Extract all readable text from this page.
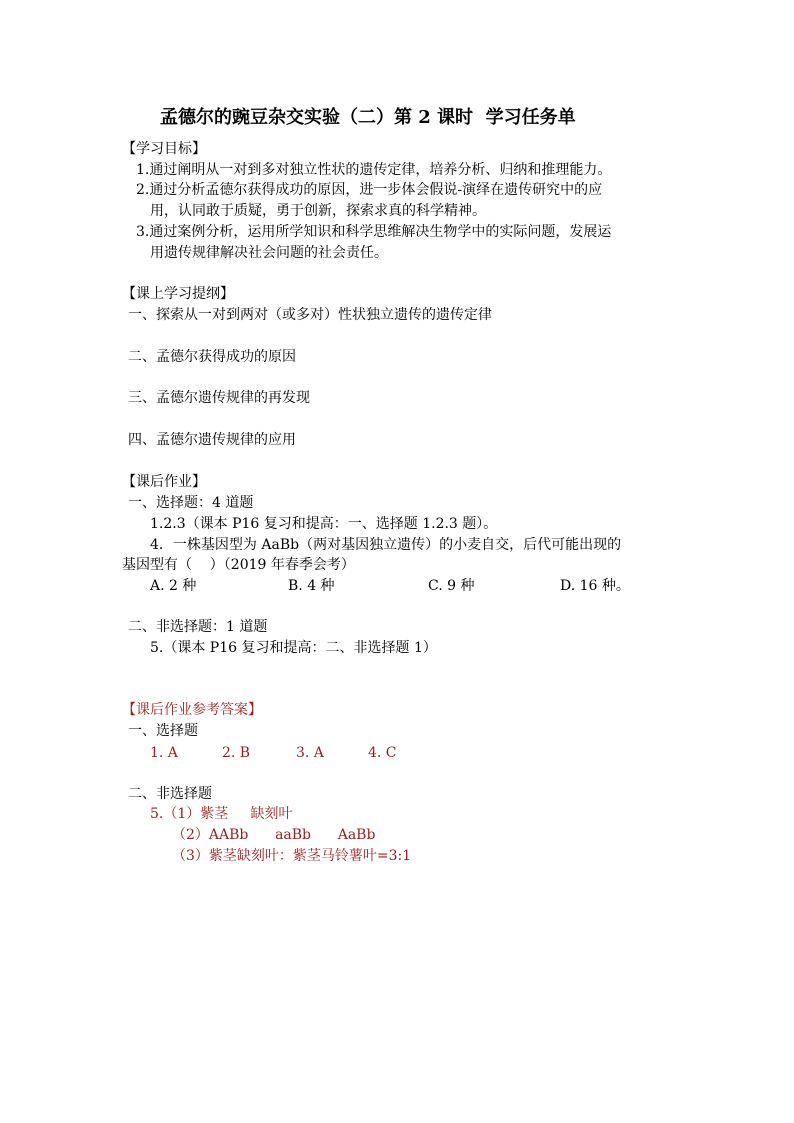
孟德尔的豌豆杂交实验（二）第 2 课时  学习任务单
【学习目标】
1.通过阐明从一对到多对独立性状的遗传定律，培养分析、归纳和推理能力。
2.通过分析孟德尔获得成功的原因，进一步体会假说-演绎在遗传研究中的应
用，认同敢于质疑，勇于创新，探索求真的科学精神。
3.通过案例分析，运用所学知识和科学思维解决生物学中的实际问题，发展运
用遗传规律解决社会问题的社会责任。
【课上学习提纲】
一、探索从一对到两对（或多对）性状独立遗传的遗传定律
二、孟德尔获得成功的原因
三、孟德尔遗传规律的再发现
四、孟德尔遗传规律的应用
【课后作业】
一、选择题：4 道题
1.2.3（课本 P16 复习和提高：一、选择题 1.2.3 题）。
4．一株基因型为 AaBb（两对基因独立遗传）的小麦自交，后代可能出现的
基因型有（    ）（2019 年春季会考）
A. 2 种	B. 4 种	C. 9 种	D. 16 种。
二、非选择题：1 道题
5.（课本 P16 复习和提高：二、非选择题 1）
【课后作业参考答案】
一、选择题
1. A	2. B	3. A	4. C
二、非选择题
5.（1）紫茎     缺刻叶
（2）AABb      aaBb      AaBb
（3）紫茎缺刻叶：紫茎马铃薯叶=3:1
